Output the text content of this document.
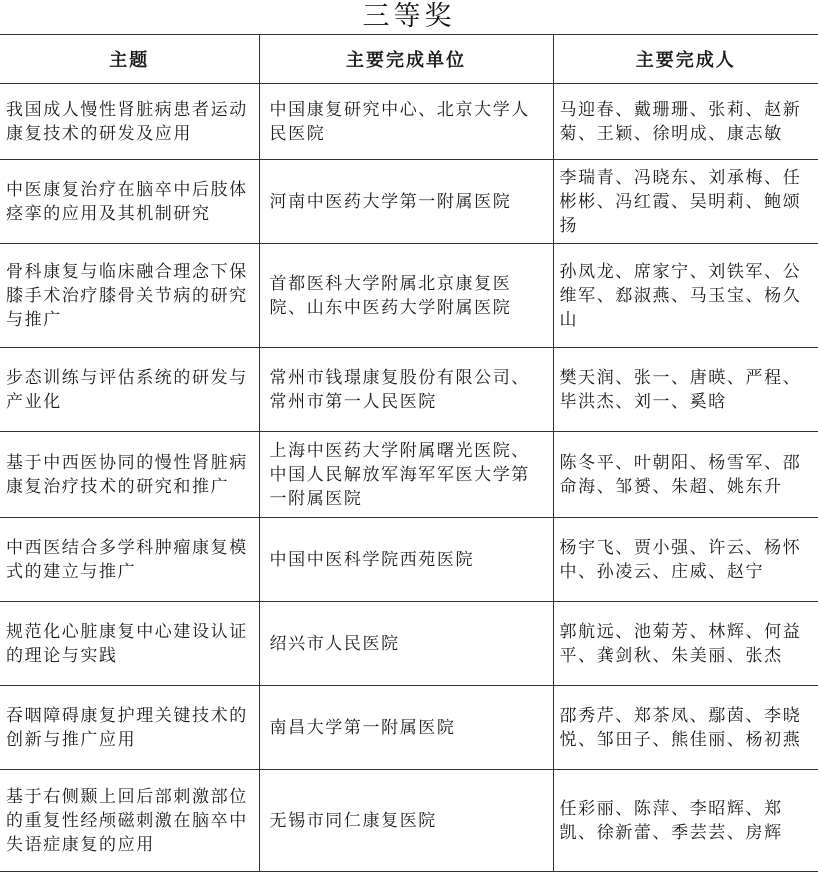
三等奖
主题	主要完成单位	主要完成人
我国成人慢性肾脏病患者运动康复技术的研发及应用	中国康复研究中心、北京大学人民医院	马迎春、戴珊珊、张莉、赵新菊、王颖、徐明成、康志敏
中医康复治疗在脑卒中后肢体痉挛的应用及其机制研究	河南中医药大学第一附属医院	李瑞青、冯晓东、刘承梅、任彬彬、冯红霞、吴明莉、鲍颂扬
骨科康复与临床融合理念下保膝手术治疗膝骨关节病的研究与推广	首都医科大学附属北京康复医院、山东中医药大学附属医院	孙凤龙、席家宁、刘铁军、公维军、郄淑燕、马玉宝、杨久山
步态训练与评估系统的研发与产业化	常州市钱璟康复股份有限公司、常州市第一人民医院	樊天润、张一、唐暎、严程、毕洪杰、刘一、奚晗
基于中西医协同的慢性肾脏病康复治疗技术的研究和推广	上海中医药大学附属曙光医院、中国人民解放军海军军医大学第一附属医院	陈冬平、叶朝阳、杨雪军、邵命海、邹赟、朱超、姚东升
中西医结合多学科肿瘤康复模式的建立与推广	中国中医科学院西苑医院	杨宇飞、贾小强、许云、杨怀中、孙凌云、庄威、赵宁
规范化心脏康复中心建设认证的理论与实践	绍兴市人民医院	郭航远、池菊芳、林辉、何益平、龚剑秋、朱美丽、张杰
吞咽障碍康复护理关键技术的创新与推广应用	南昌大学第一附属医院	邵秀芹、郑茶凤、鄢茵、李晓悦、邹田子、熊佳丽、杨初燕
基于右侧颞上回后部刺激部位的重复性经颅磁刺激在脑卒中失语症康复的应用	无锡市同仁康复医院	任彩丽、陈萍、李昭辉、郑凯、徐新蕾、季芸芸、房辉
